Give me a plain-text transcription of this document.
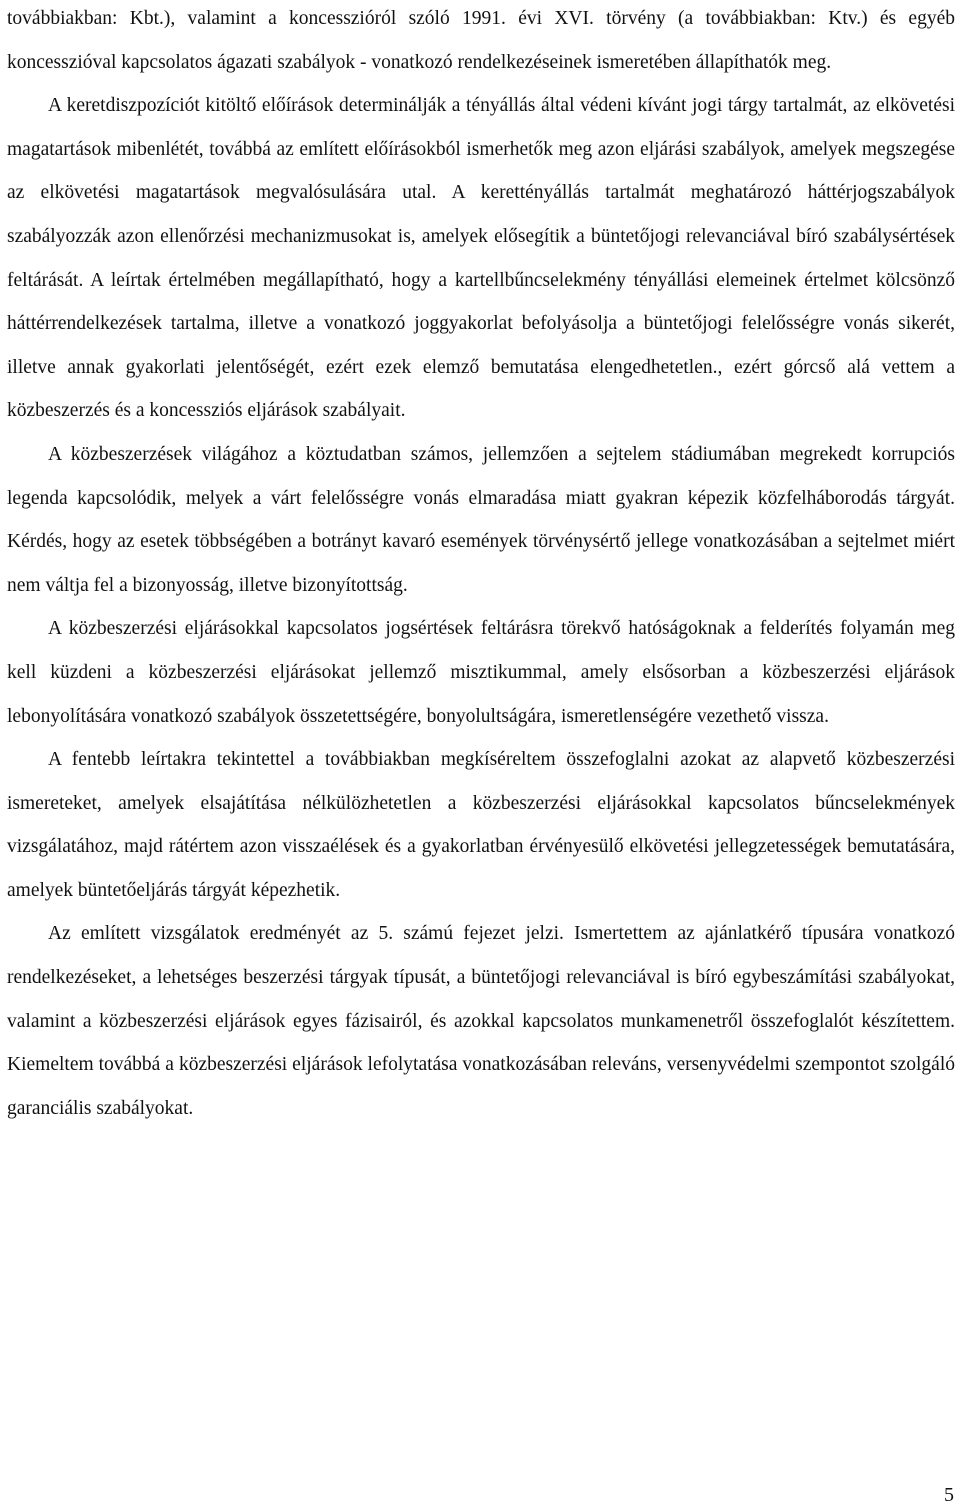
továbbiakban: Kbt.), valamint a koncesszióról szóló 1991. évi XVI. törvény (a továbbiakban: Ktv.) és egyéb koncesszióval kapcsolatos ágazati szabályok - vonatkozó rendelkezéseinek ismeretében állapíthatók meg.

A keretdiszpozíciót kitöltő előírások determinálják a tényállás által védeni kívánt jogi tárgy tartalmát, az elkövetési magatartások mibenlétét, továbbá az említett előírásokból ismerhetők meg azon eljárási szabályok, amelyek megszegése az elkövetési magatartások megvalósulására utal. A kerettényállás tartalmát meghatározó háttérjogszabályok szabályozzák azon ellenőrzési mechanizmusokat is, amelyek elősegítik a büntetőjogi relevanciával bíró szabálysértések feltárását. A leírtak értelmében megállapítható, hogy a kartellbűncselekmény tényállási elemeinek értelmet kölcsönző háttérrendelkezések tartalma, illetve a vonatkozó joggyakorlat befolyásolja a büntetőjogi felelősségre vonás sikerét, illetve annak gyakorlati jelentőségét, ezért ezek elemző bemutatása elengedhetetlen., ezért górcső alá vettem a közbeszerzés és a koncessziós eljárások szabályait.

A közbeszerzések világához a köztudatban számos, jellemzően a sejtelem stádiumában megrekedt korrupciós legenda kapcsolódik, melyek a várt felelősségre vonás elmaradása miatt gyakran képezik közfelháborodás tárgyát. Kérdés, hogy az esetek többségében a botrányt kavaró események törvénysértő jellege vonatkozásában a sejtelmet miért nem váltja fel a bizonyosság, illetve bizonyítottság.

A közbeszerzési eljárásokkal kapcsolatos jogsértések feltárásra törekvő hatóságoknak a felderítés folyamán meg kell küzdeni a közbeszerzési eljárásokat jellemző misztikummal, amely elsősorban a közbeszerzési eljárások lebonyolítására vonatkozó szabályok összetettségére, bonyolultságára, ismeretlenségére vezethető vissza.

A fentebb leírtakra tekintettel a továbbiakban megkíséreltem összefoglalni azokat az alapvető közbeszerzési ismereteket, amelyek elsajátítása nélkülözhetetlen a közbeszerzési eljárásokkal kapcsolatos bűncselekmények vizsgálatához, majd rátértem azon visszaélések és a gyakorlatban érvényesülő elkövetési jellegzetességek bemutatására, amelyek büntetőeljárás tárgyát képezhetik.

Az említett vizsgálatok eredményét az 5. számú fejezet jelzi. Ismertettem az ajánlatkérő típusára vonatkozó rendelkezéseket, a lehetséges beszerzési tárgyak típusát, a büntetőjogi relevanciával is bíró egybeszámítási szabályokat, valamint a közbeszerzési eljárások egyes fázisairól, és azokkal kapcsolatos munkamenetről összefoglalót készítettem. Kiemeltem továbbá a közbeszerzési eljárások lefolytatása vonatkozásában releváns, versenyvédelmi szempontot szolgáló garanciális szabályokat.

5
